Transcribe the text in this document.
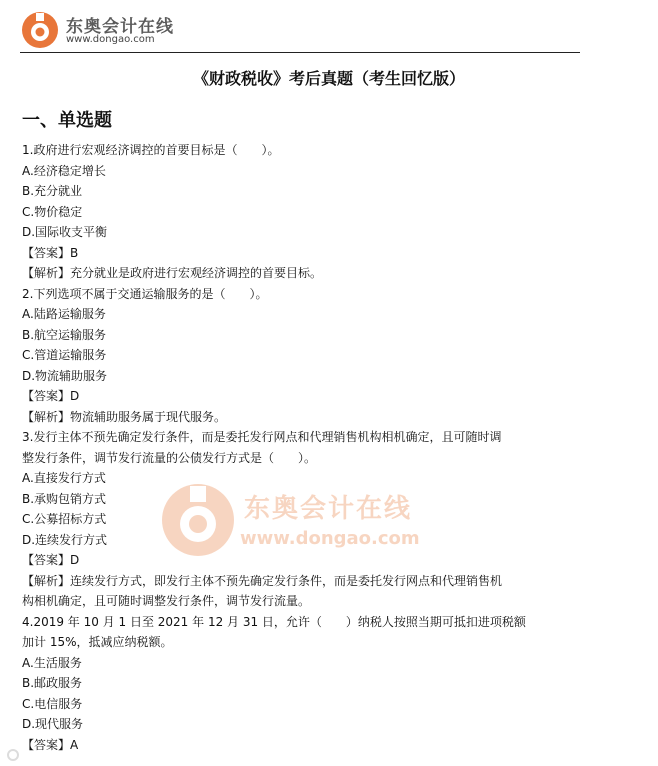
东奥会计在线
www.dongao.com
《财政税收》考后真题（考生回忆版）
一、单选题
1.政府进行宏观经济调控的首要目标是（　　）。
A.经济稳定增长
B.充分就业
C.物价稳定
D.国际收支平衡
【答案】B
【解析】充分就业是政府进行宏观经济调控的首要目标。
2.下列选项不属于交通运输服务的是（　　）。
A.陆路运输服务
B.航空运输服务
C.管道运输服务
D.物流辅助服务
【答案】D
【解析】物流辅助服务属于现代服务。
3.发行主体不预先确定发行条件，而是委托发行网点和代理销售机构相机确定，且可随时调
整发行条件，调节发行流量的公债发行方式是（　　）。
A.直接发行方式
B.承购包销方式
C.公募招标方式
D.连续发行方式
【答案】D
【解析】连续发行方式，即发行主体不预先确定发行条件，而是委托发行网点和代理销售机
构相机确定，且可随时调整发行条件，调节发行流量。
4.2019 年 10 月 1 日至 2021 年 12 月 31 日，允许（　　）纳税人按照当期可抵扣进项税额
加计 15%，抵减应纳税额。
A.生活服务
B.邮政服务
C.电信服务
D.现代服务
【答案】A
东奥会计在线
www.dongao.com
